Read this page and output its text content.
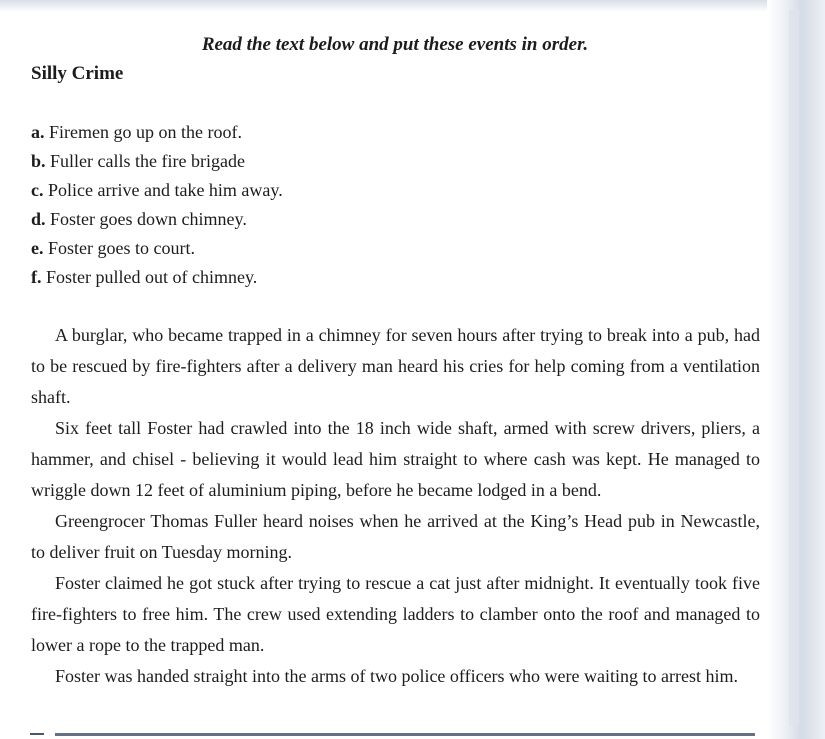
Read the text below and put these events in order.
Silly Crime
a. Firemen go up on the roof.
b. Fuller calls the fire brigade
c. Police arrive and take him away.
d. Foster goes down chimney.
e. Foster goes to court.
f. Foster pulled out of chimney.

A burglar, who became trapped in a chimney for seven hours after trying to break into a pub, had to be rescued by fire-fighters after a delivery man heard his cries for help coming from a ventilation shaft.

Six feet tall Foster had crawled into the 18 inch wide shaft, armed with screw drivers, pliers, a hammer, and chisel - believing it would lead him straight to where cash was kept. He managed to wriggle down 12 feet of aluminium piping, before he became lodged in a bend.

Greengrocer Thomas Fuller heard noises when he arrived at the King’s Head pub in Newcastle, to deliver fruit on Tuesday morning.

Foster claimed he got stuck after trying to rescue a cat just after midnight. It eventually took five fire-fighters to free him. The crew used extending ladders to clamber onto the roof and managed to lower a rope to the trapped man.

Foster was handed straight into the arms of two police officers who were waiting to arrest him.
